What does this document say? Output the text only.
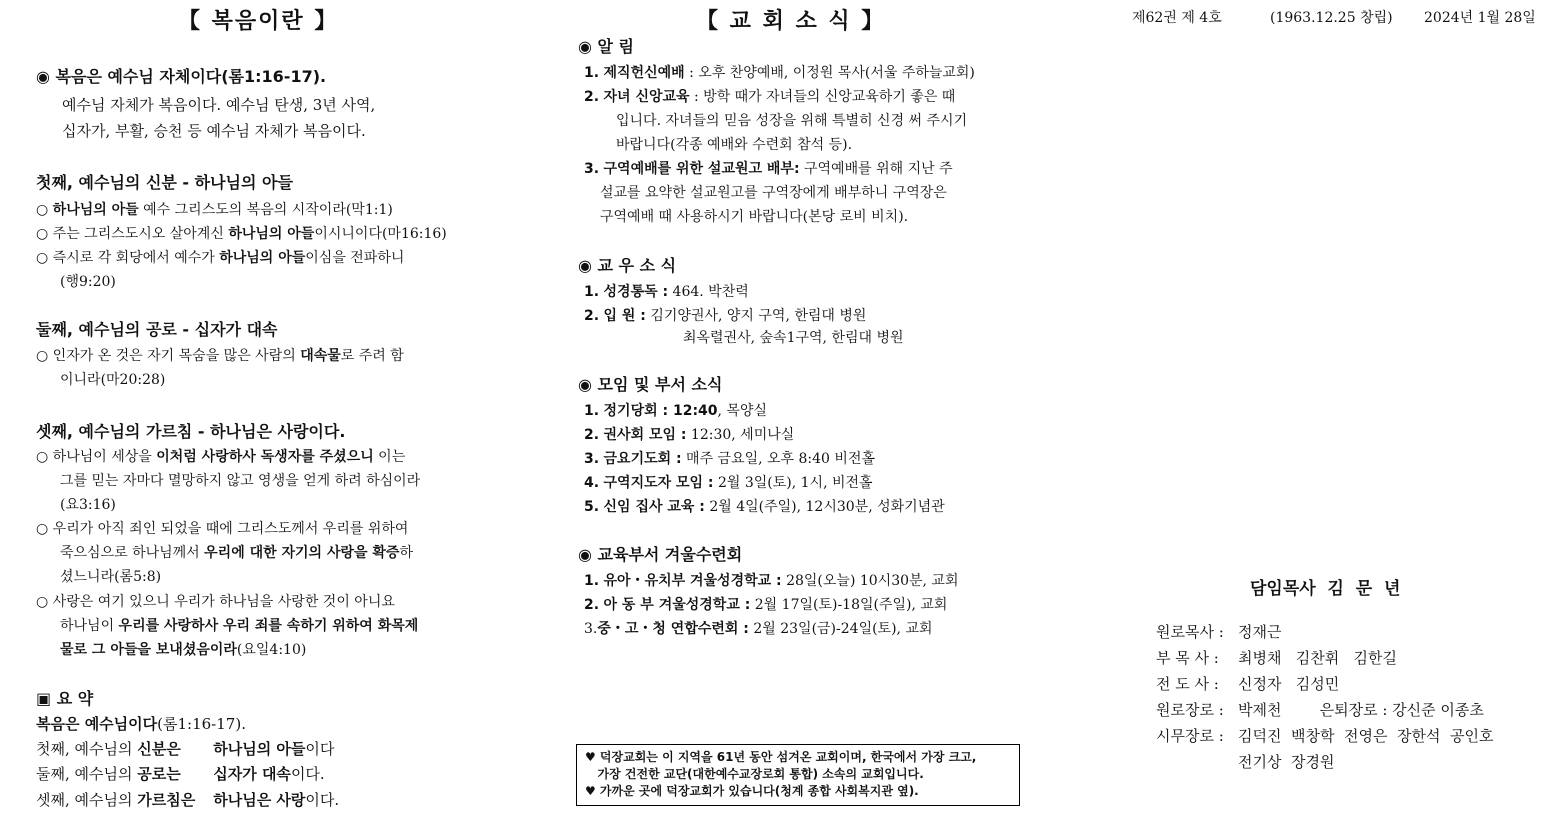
【 복음이란 】
◉ 복음은 예수님 자체이다(롬1:16-17).
예수님 자체가 복음이다. 예수님 탄생, 3년 사역,
십자가, 부활, 승천 등 예수님 자체가 복음이다.
첫째, 예수님의 신분 - 하나님의 아들
○ 하나님의 아들 예수 그리스도의 복음의 시작이라(막1:1)
○ 주는 그리스도시오 살아계신 하나님의 아들이시니이다(마16:16)
○ 즉시로 각 회당에서 예수가 하나님의 아들이심을 전파하니
(행9:20)
둘째, 예수님의 공로 - 십자가 대속
○ 인자가 온 것은 자기 목숨을 많은 사람의 대속물로 주려 함
이니라(마20:28)
셋째, 예수님의 가르침 - 하나님은 사랑이다.
○ 하나님이 세상을 이처럼 사랑하사 독생자를 주셨으니 이는
그를 믿는 자마다 멸망하지 않고 영생을 얻게 하려 하심이라
(요3:16)
○ 우리가 아직 죄인 되었을 때에 그리스도께서 우리를 위하여
죽으심으로 하나님께서 우리에 대한 자기의 사랑을 확증하
셨느니라(롬5:8)
○ 사랑은 여기 있으니 우리가 하나님을 사랑한 것이 아니요
하나님이 우리를 사랑하사 우리 죄를 속하기 위하여 화목제
물로 그 아들을 보내셨음이라(요일4:10)
▣ 요 약
복음은 예수님이다(롬1:16-17).
첫째, 예수님의 신분은 하나님의 아들이다
둘째, 예수님의 공로는 십자가 대속이다.
셋째, 예수님의 가르침은 하나님은 사랑이다.
【 교 회 소 식 】
◉ 알 림
1. 제직헌신예배 : 오후 찬양예배, 이정원 목사(서울 주하늘교회)
2. 자녀 신앙교육 : 방학 때가 자녀들의 신앙교육하기 좋은 때
입니다. 자녀들의 믿음 성장을 위해 특별히 신경 써 주시기
바랍니다(각종 예배와 수련회 참석 등).
3. 구역예배를 위한 설교원고 배부: 구역예배를 위해 지난 주
설교를 요약한 설교원고를 구역장에게 배부하니 구역장은
구역예배 때 사용하시기 바랍니다(본당 로비 비치).
◉ 교 우 소 식
1. 성경통독 : 464. 박찬력
2. 입 원 : 김기양권사, 양지 구역, 한림대 병원
최옥렬권사, 숲속1구역, 한림대 병원
◉ 모임 및 부서 소식
1. 정기당회 : 12:40, 목양실
2. 권사회 모임 : 12:30, 세미나실
3. 금요기도회 : 매주 금요일, 오후 8:40 비전홀
4. 구역지도자 모임 : 2월 3일(토), 1시, 비전홀
5. 신임 집사 교육 : 2월 4일(주일), 12시30분, 성화기념관
◉ 교육부서 겨울수련회
1. 유아・유치부 겨울성경학교 : 28일(오늘) 10시30분, 교회
2. 아 동 부 겨울성경학교 : 2월 17일(토)-18일(주일), 교회
3.중・고・청 연합수련회 : 2월 23일(금)-24일(토), 교회
♥ 덕장교회는 이 지역을 61년 동안 섬겨온 교회이며, 한국에서 가장 크고,
가장 건전한 교단(대한예수교장로회 통합) 소속의 교회입니다.
♥ 가까운 곳에 덕장교회가 있습니다(청계 종합 사회복지관 옆).
제62권 제 4호	(1963.12.25 창립) 2024년 1월 28일
담임목사  김  문  년
원로목사 : 정재근
부 목 사 : 최병채   김찬휘   김한길
전 도 사 : 신정자   김성민
원로장로 : 박제천        은퇴장로 : 강신준 이종초
시무장로 : 김덕진  백창학  전영은  장한석  공인호
전기상  장경원
